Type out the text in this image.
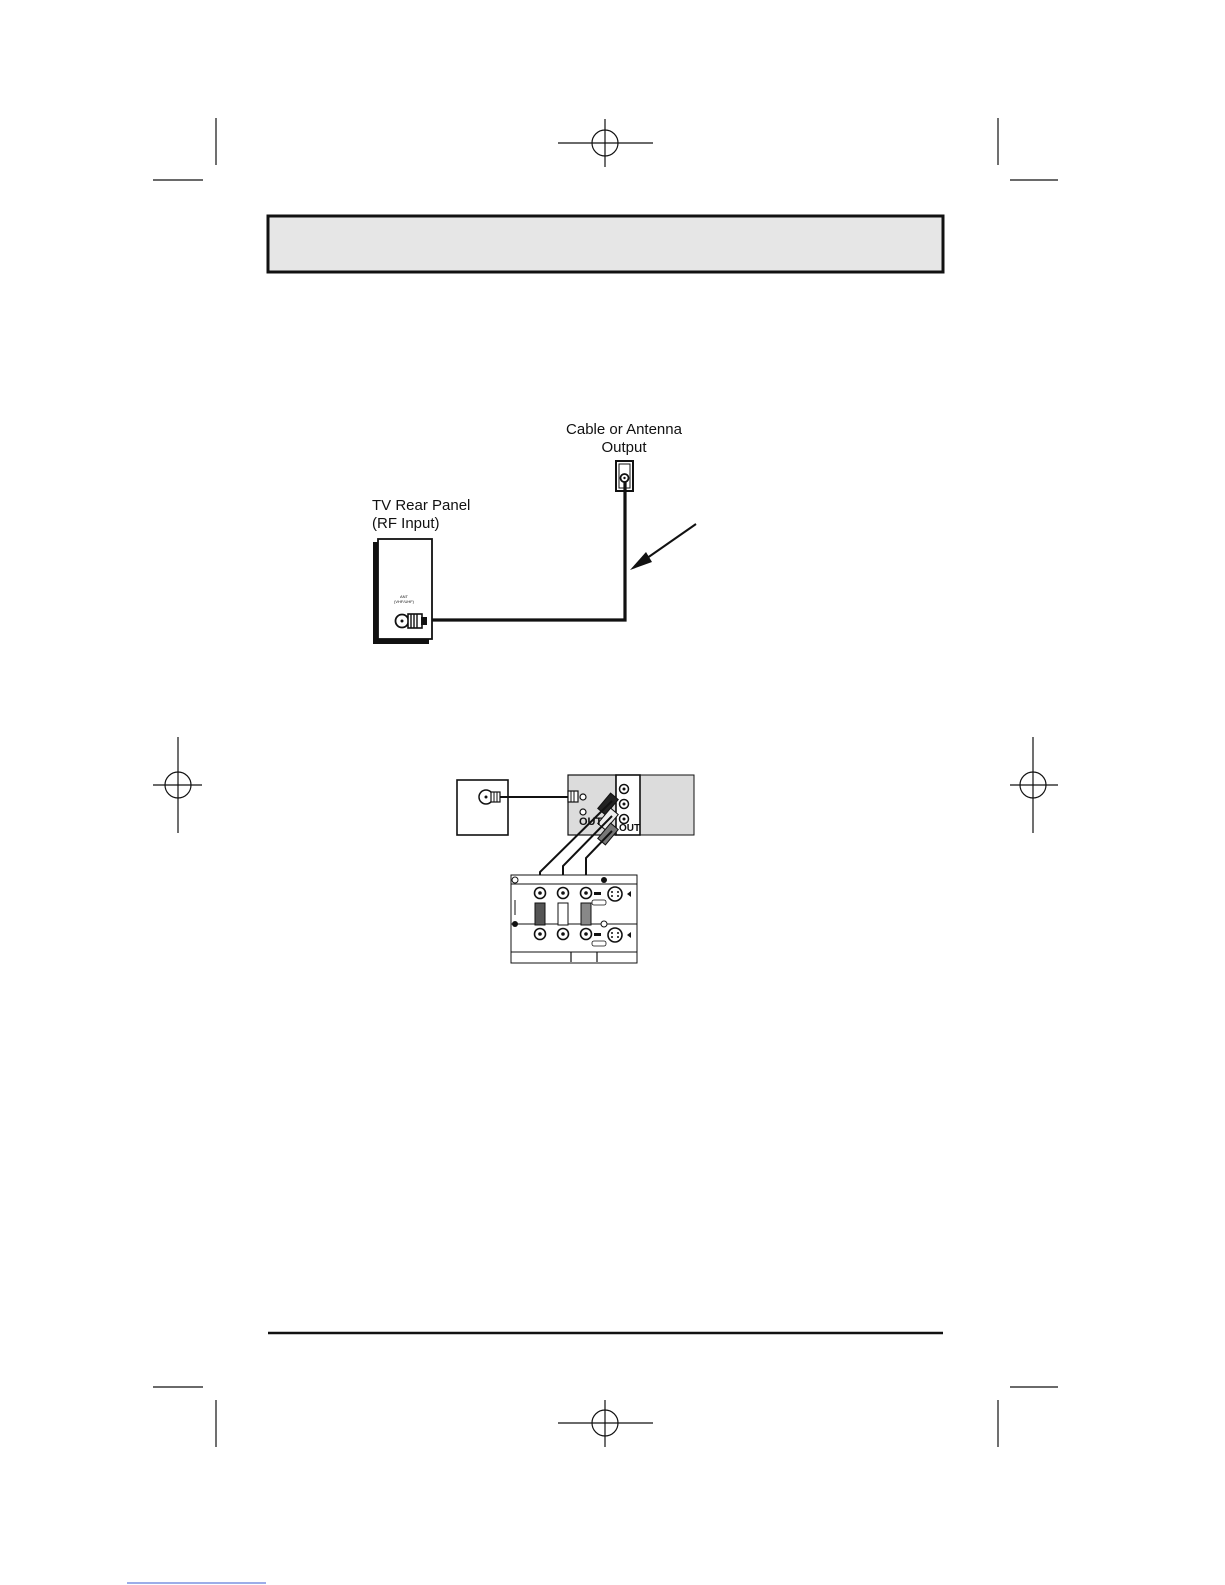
Cable or Antenna
Output
TV Rear Panel
(RF Input)
ANT
(VHF/UHF)
OUT
OUT
